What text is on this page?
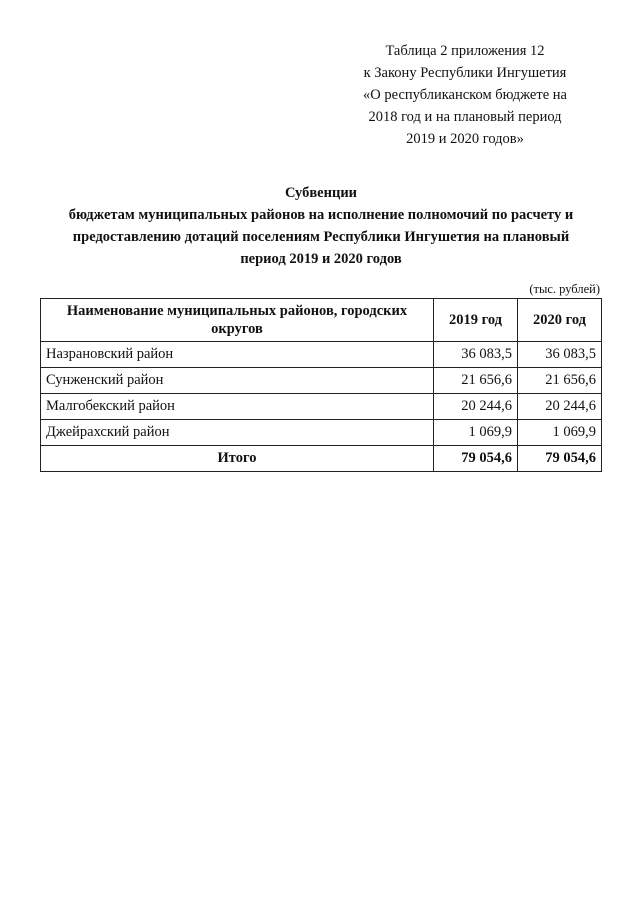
Таблица 2 приложения 12
к Закону Республики Ингушетия
«О республиканском бюджете на
2018 год и на плановый период
2019 и 2020 годов»
Субвенции
бюджетам муниципальных районов на исполнение полномочий по расчету и
предоставлению дотаций поселениям Республики Ингушетия на плановый
период 2019 и 2020 годов
(тыс. рублей)
Наименование муниципальных районов, городских округов	2019 год	2020 год
Назрановский район	36 083,5	36 083,5
Сунженский район	21 656,6	21 656,6
Малгобекский район	20 244,6	20 244,6
Джейрахский район	1 069,9	1 069,9
Итого	79 054,6	79 054,6
